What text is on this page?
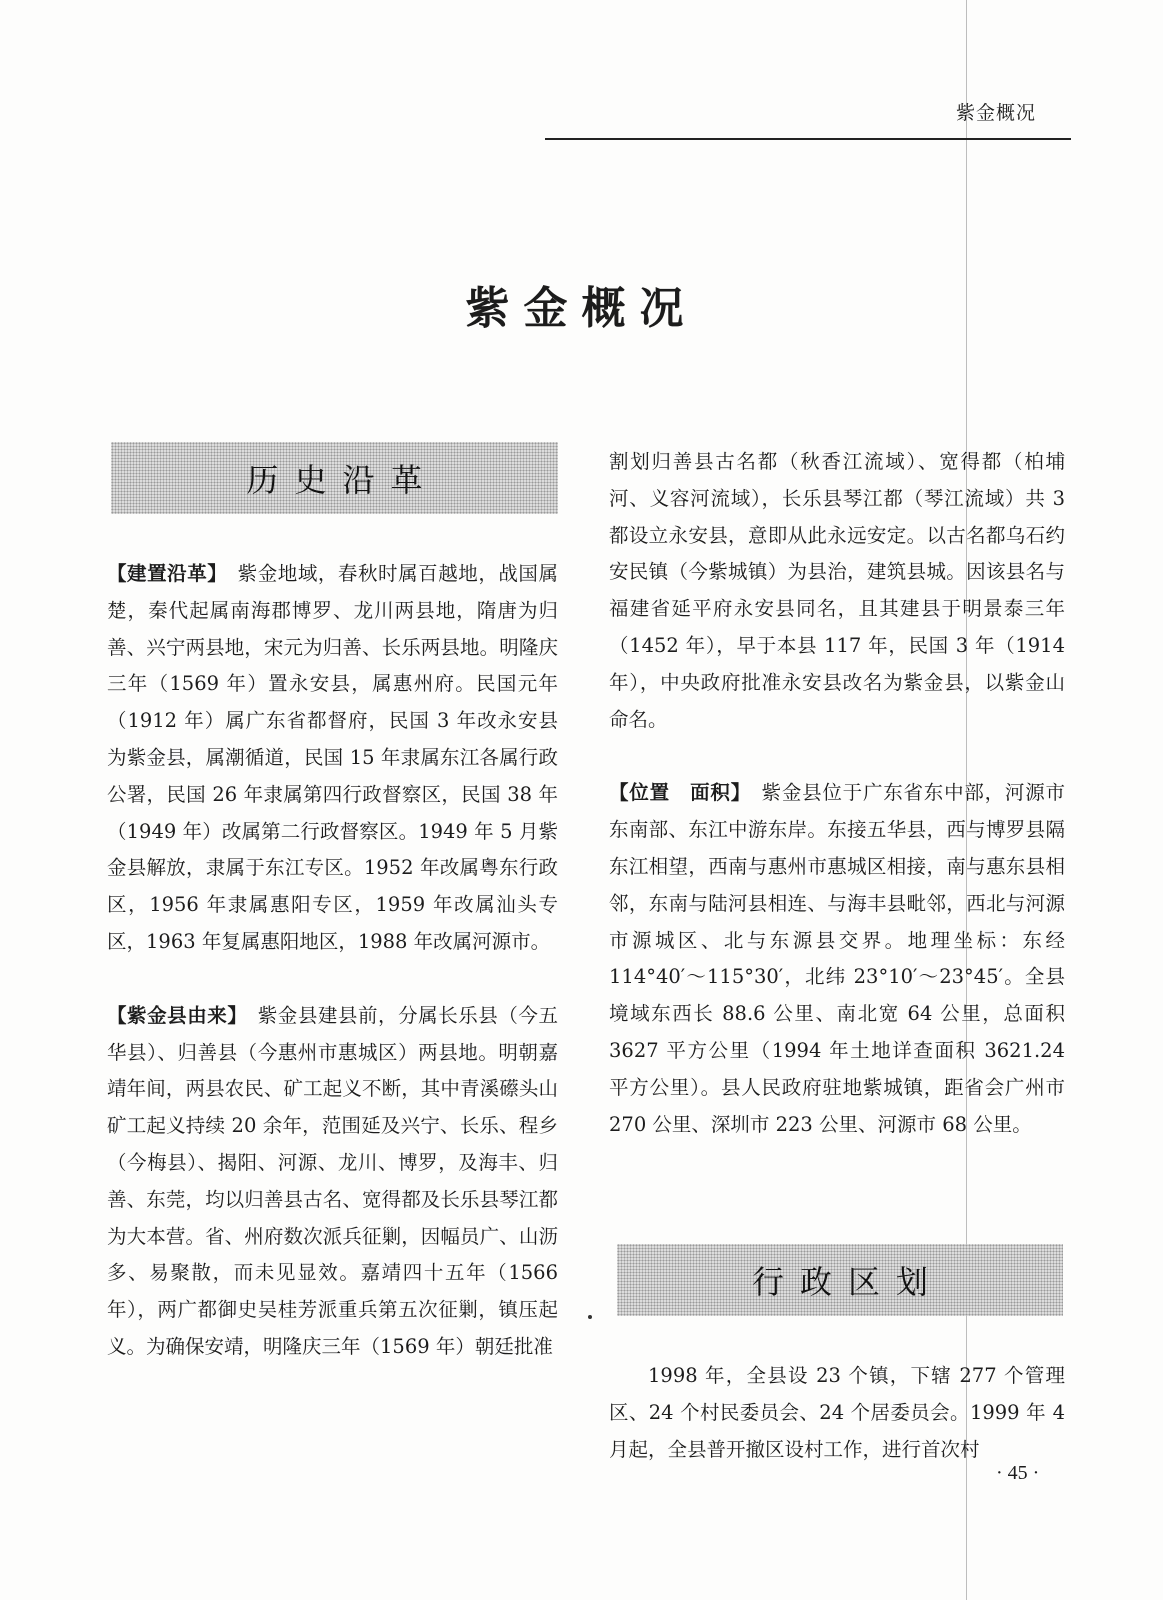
紫金概况
紫金概况
历史沿革

【建置沿革】　 紫金地域，春秋时属百越地，战国属楚，秦代起属南海郡博罗、龙川两县地，隋唐为归善、兴宁两县地，宋元为归善、长乐两县地。明隆庆三年（1569 年）置永安县，属惠州府。民国元年（1912 年）属广东省都督府，民国 3 年改永安县为紫金县，属潮循道，民国 15 年隶属东江各属行政公署，民国 26 年隶属第四行政督察区，民国 38 年（1949 年）改属第二行政督察区。1949 年 5 月紫金县解放，隶属于东江专区。1952 年改属粤东行政区，1956 年隶属惠阳专区，1959 年改属汕头专区，1963 年复属惠阳地区，1988 年改属河源市。

【紫金县由来】　 紫金县建县前，分属长乐县（今五华县）、归善县（今惠州市惠城区）两县地。明朝嘉靖年间，两县农民、矿工起义不断，其中青溪礤头山矿工起义持续 20 余年，范围延及兴宁、长乐、程乡（今梅县）、揭阳、河源、龙川、博罗，及海丰、归善、东莞，均以归善县古名、宽得都及长乐县琴江都为大本营。省、州府数次派兵征剿，因幅员广、山沥多、易聚散，而未见显效。嘉靖四十五年（1566 年），两广都御史吴桂芳派重兵第五次征剿，镇压起义。为确保安靖，明隆庆三年（1569 年）朝廷批准

割划归善县古名都（秋香江流域）、宽得都（柏埔河、义容河流域），长乐县琴江都（琴江流域）共 3 都设立永安县，意即从此永远安定。以古名都乌石约安民镇（今紫城镇）为县治，建筑县城。因该县名与福建省延平府永安县同名，且其建县于明景泰三年（1452 年），早于本县 117 年，民国 3 年（1914 年），中央政府批准永安县改名为紫金县，以紫金山命名。

【位置　面积】　 紫金县位于广东省东中部，河源市东南部、东江中游东岸。东接五华县，西与博罗县隔东江相望，西南与惠州市惠城区相接，南与惠东县相邻，东南与陆河县相连、与海丰县毗邻，西北与河源市源城区、北与东源县交界。地理坐标：东经 114°40′～115°30′，北纬 23°10′～23°45′。全县境域东西长 88.6 公里、南北宽 64 公里，总面积 3627 平方公里（1994 年土地详查面积 3621.24 平方公里）。县人民政府驻地紫城镇，距省会广州市 270 公里、深圳市 223 公里、河源市 68 公里。

行政区划

1998 年，全县设 23 个镇，下辖 277 个管理区、24 个村民委员会、24 个居委员会。1999 年 4 月起，全县普开撤区设村工作，进行首次村

· 45 ·
